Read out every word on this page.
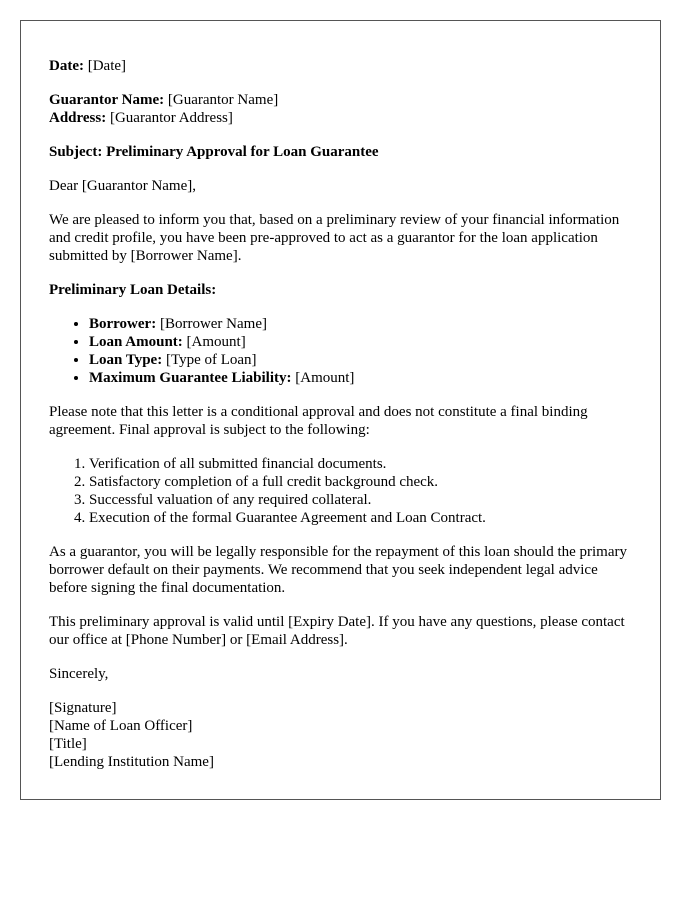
Date: [Date]

Guarantor Name: [Guarantor Name]
Address: [Guarantor Address]

Subject: Preliminary Approval for Loan Guarantee

Dear [Guarantor Name],

We are pleased to inform you that, based on a preliminary review of your financial information and credit profile, you have been pre-approved to act as a guarantor for the loan application submitted by [Borrower Name].

Preliminary Loan Details:

• Borrower: [Borrower Name]
• Loan Amount: [Amount]
• Loan Type: [Type of Loan]
• Maximum Guarantee Liability: [Amount]

Please note that this letter is a conditional approval and does not constitute a final binding agreement. Final approval is subject to the following:

1. Verification of all submitted financial documents.
2. Satisfactory completion of a full credit background check.
3. Successful valuation of any required collateral.
4. Execution of the formal Guarantee Agreement and Loan Contract.

As a guarantor, you will be legally responsible for the repayment of this loan should the primary borrower default on their payments. We recommend that you seek independent legal advice before signing the final documentation.

This preliminary approval is valid until [Expiry Date]. If you have any questions, please contact our office at [Phone Number] or [Email Address].

Sincerely,

[Signature]
[Name of Loan Officer]
[Title]
[Lending Institution Name]
